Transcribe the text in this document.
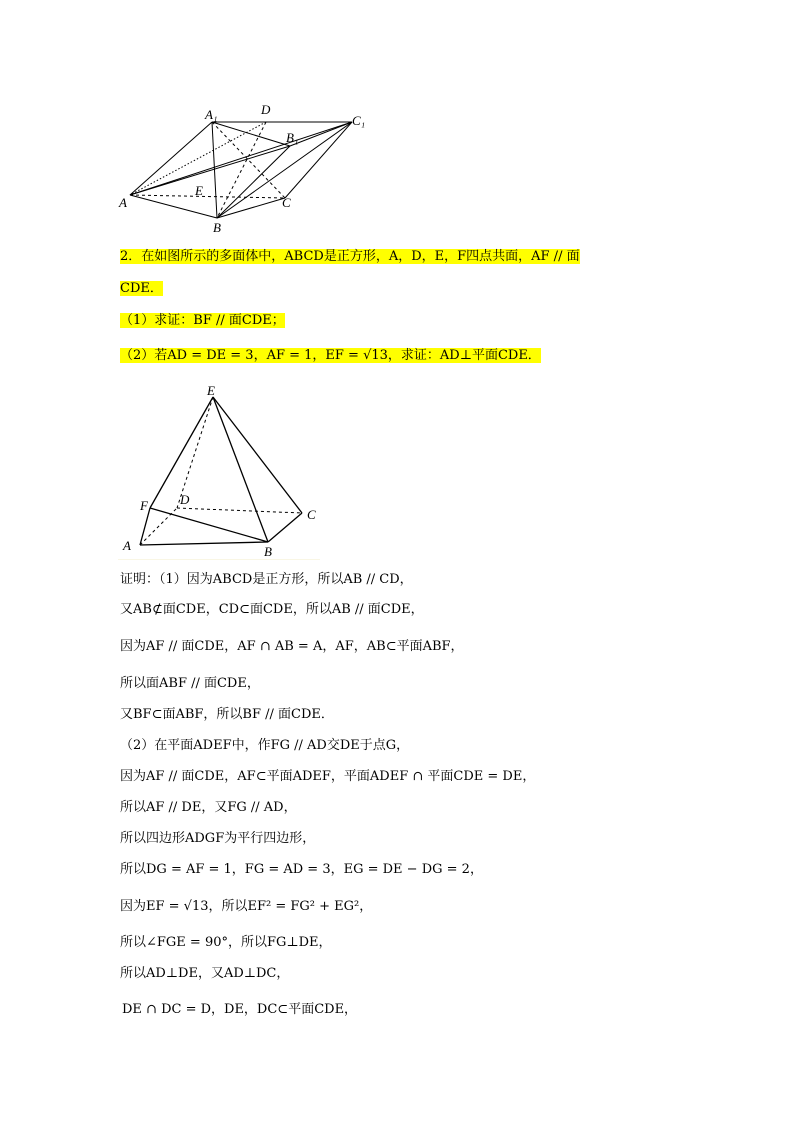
A₁	D
C₁
B₁
E
A	C
B
2．在如图所示的多面体中，ABCD是正方形，A，D，E，F四点共面，AF // 面
CDE．
（1）求证：BF // 面CDE；
（2）若AD = DE = 3，AF = 1，EF = √13，求证：AD⊥平面CDE．
E
F D
C
A	B
证明：（1）因为ABCD是正方形，所以AB // CD，
又AB⊄面CDE，CD⊂面CDE，所以AB // 面CDE，
因为AF // 面CDE，AF ∩ AB = A，AF，AB⊂平面ABF，
所以面ABF // 面CDE，
又BF⊂面ABF，所以BF // 面CDE．
（2）在平面ADEF中，作FG // AD交DE于点G，
因为AF // 面CDE，AF⊂平面ADEF，平面ADEF ∩ 平面CDE = DE，
所以AF // DE，又FG // AD，
所以四边形ADGF为平行四边形，
所以DG = AF = 1，FG = AD = 3，EG = DE − DG = 2，
因为EF = √13，所以EF² = FG² + EG²，
所以∠FGE = 90°，所以FG⊥DE，
所以AD⊥DE，又AD⊥DC，
DE ∩ DC = D，DE，DC⊂平面CDE，
